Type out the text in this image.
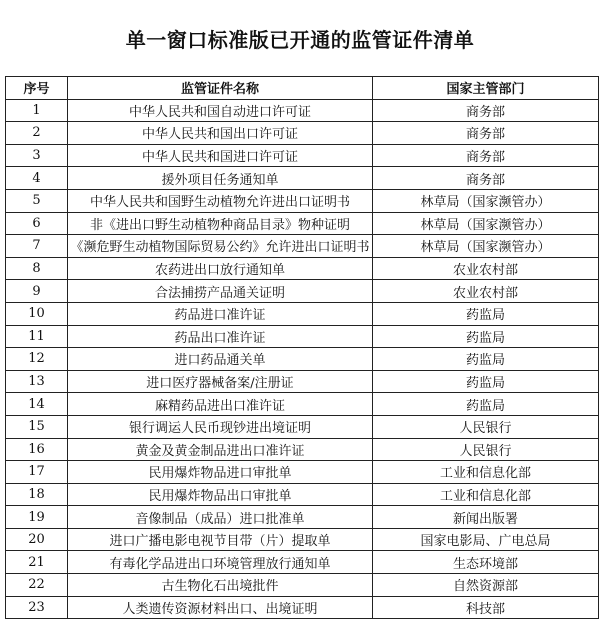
单一窗口标准版已开通的监管证件清单
序号	监管证件名称	国家主管部门
1	中华人民共和国自动进口许可证	商务部
2	中华人民共和国出口许可证	商务部
3	中华人民共和国进口许可证	商务部
4	援外项目任务通知单	商务部
5	中华人民共和国野生动植物允许进出口证明书	林草局（国家濒管办）
6	非《进出口野生动植物种商品目录》物种证明	林草局（国家濒管办）
7	《濒危野生动植物国际贸易公约》允许进出口证明书	林草局（国家濒管办）
8	农药进出口放行通知单	农业农村部
9	合法捕捞产品通关证明	农业农村部
10	药品进口准许证	药监局
11	药品出口准许证	药监局
12	进口药品通关单	药监局
13	进口医疗器械备案/注册证	药监局
14	麻精药品进出口准许证	药监局
15	银行调运人民币现钞进出境证明	人民银行
16	黄金及黄金制品进出口准许证	人民银行
17	民用爆炸物品进口审批单	工业和信息化部
18	民用爆炸物品出口审批单	工业和信息化部
19	音像制品（成品）进口批准单	新闻出版署
20	进口广播电影电视节目带（片）提取单	国家电影局、广电总局
21	有毒化学品进出口环境管理放行通知单	生态环境部
22	古生物化石出境批件	自然资源部
23	人类遗传资源材料出口、出境证明	科技部
